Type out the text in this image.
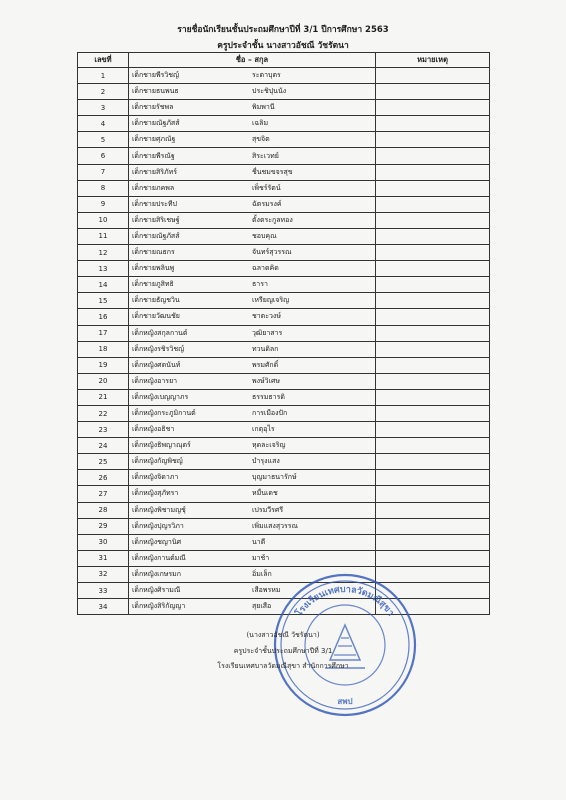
รายชื่อนักเรียนชั้นประถมศึกษาปีที่ 3/1 ปีการศึกษา 2563
ครูประจำชั้น นางสาวอัชณี วัชรัตนา
เลขที่	ชื่อ – สกุล	หมายเหตุ
1	เด็กชายพีรวิชญ์ ระตาบุตร	
2	เด็กชายธนพนธ ประชิปุนนัง	
3	เด็กชายรัชพล พิมพานี	
4	เด็กชายณัฐภัสส์ เฉลิม	
5	เด็กชายศุภณัฐ สุขจิต	
6	เด็กชายพีรณัฐ สิระเวทย์	
7	เด็กชายสิริภัทร์ ชื่นชมขจรสุข	
8	เด็กชายภคพล เพ็ชร์รัตน์	
9	เด็กชายประทีป ฉัตรมรงค์	
10	เด็กชายสิริเชษฐ์ ตั้งตระกูลทอง	
11	เด็กชายณัฐภัสส์ ชอบคุณ	
12	เด็กชายณธกร จันทร์สุวรรณ	
13	เด็กชายพลินพู ฉลาดคิด	
14	เด็กชายภูสิทธิ ธารา	
15	เด็กชายธัญชวิน เหรียญเจริญ	
16	เด็กชายวัฒนชัย ชาตะวงษ์	
17	เด็กหญิงสกุลกานต์ วุฒิยาสาร	
18	เด็กหญิงรชิรวิชญ์ ทวนดิลก	
19	เด็กหญิงศตนันท์ พรมศักดิ์	
20	เด็กหญิงอารยา พงษ์วิเศษ	
21	เด็กหญิงเบญญาภร ธรรมธารดิ	
22	เด็กหญิงกระภูมิกานต์ การเมืองปัก	
23	เด็กหญิงอธิชา เกตุอุไร	
24	เด็กหญิงธิพญาณุตร์ หุดละเจริญ	
25	เด็กหญิงกัญพิชญ์ บำรุงแสง	
26	เด็กหญิงจิดาภา บุญมาธนารักษ์	
27	เด็กหญิงสุภัทรา หมื่นเดช	
28	เด็กหญิงพิชามญชุ์ เปรมวีรศรี	
29	เด็กหญิงปุญรวิภา เพิ่มแสงสุวรรณ	
30	เด็กหญิงชญานิศ นาดี	
31	เด็กหญิงกานต์มณี มาช้า	
32	เด็กหญิงเกษรมก อิ่มเล็ก	
33	เด็กหญิงศิรามณี เสือพรหม	
34	เด็กหญิงสิริกัญญา สุยเสือ	
โรงเรียนเทศบาลวัดมณีสุขา
สพป
(นางสาวอัชณี วัชรัตนา)
ครูประจำชั้นประถมศึกษาปีที่ 3/1
โรงเรียนเทศบาลวัดมณีสุขา สำนักการศึกษา
